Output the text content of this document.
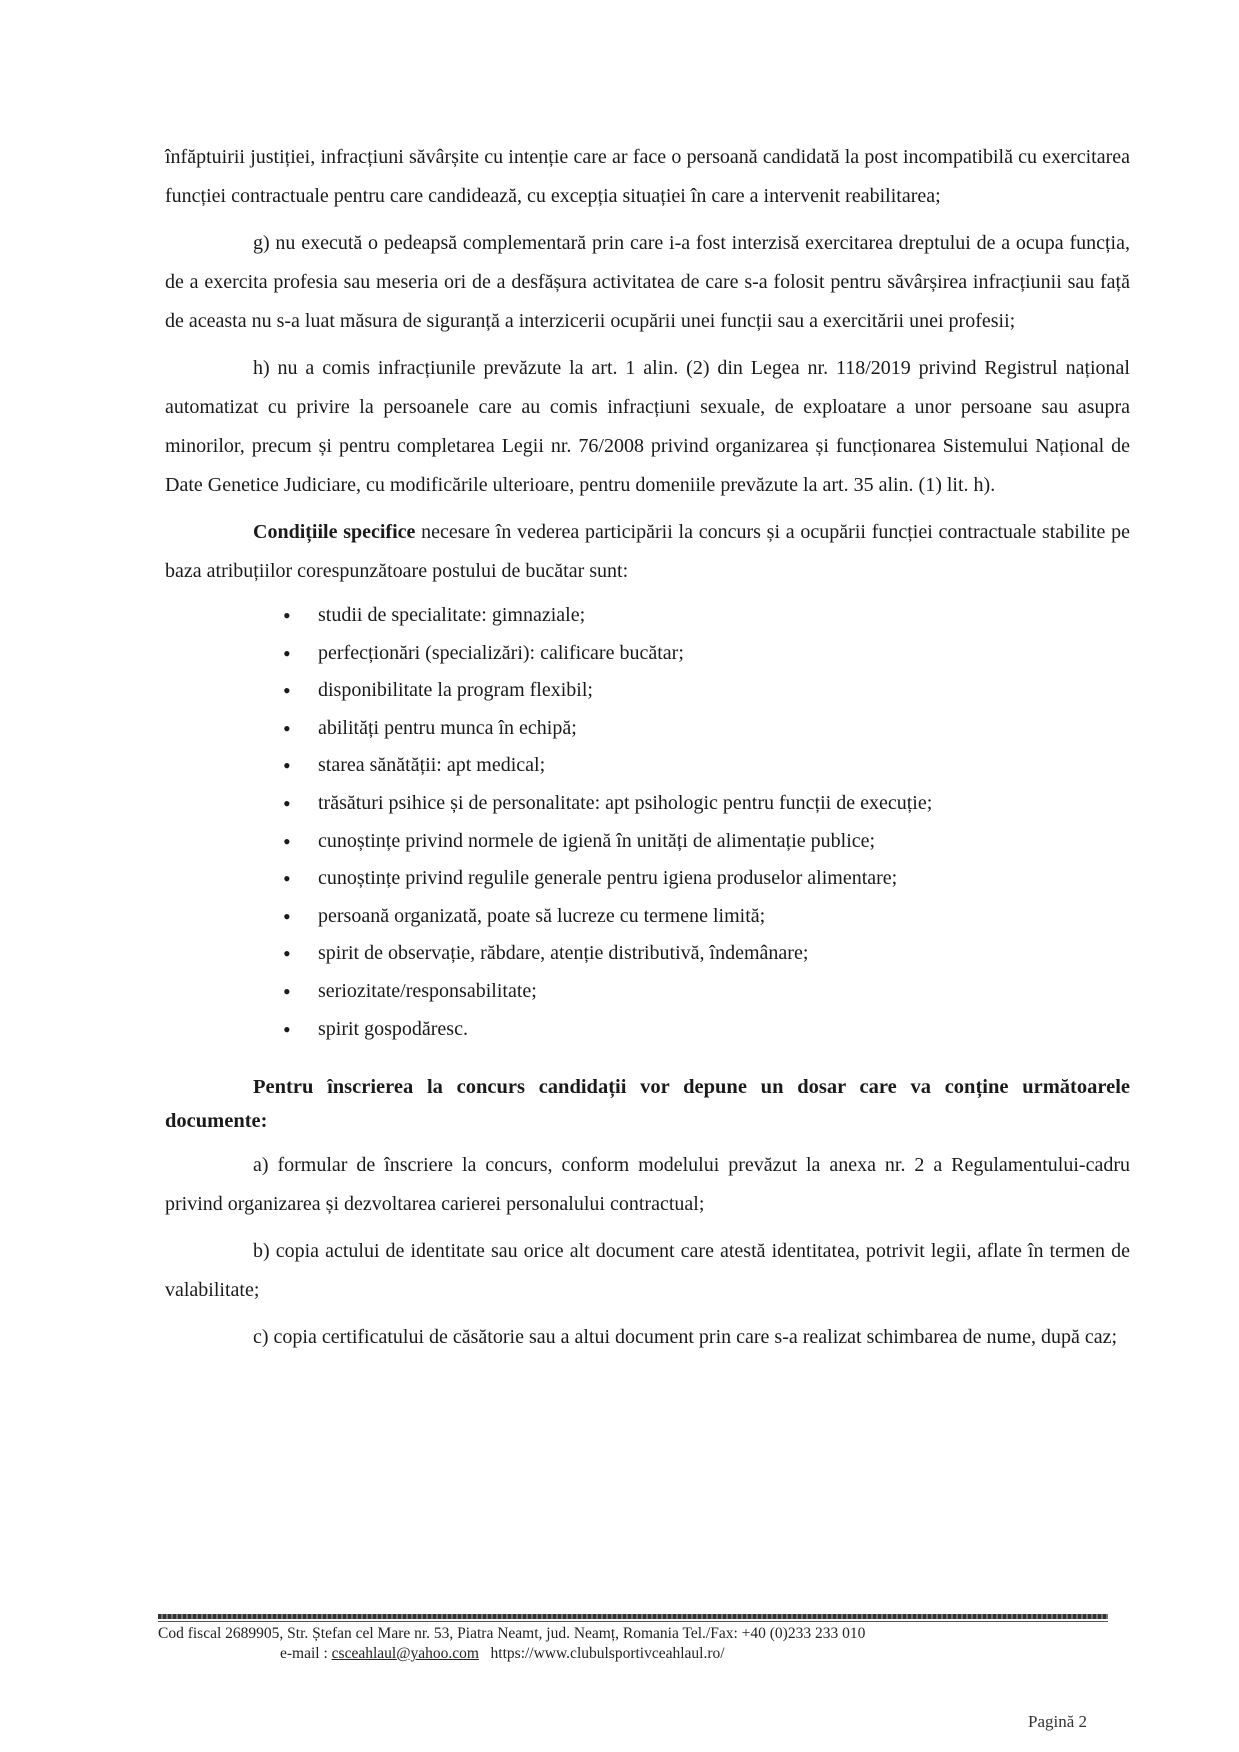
înfăptuirii justiției, infracțiuni săvârșite cu intenție care ar face o persoană candidată la post incompatibilă cu exercitarea funcției contractuale pentru care candidează, cu excepția situației în care a intervenit reabilitarea;

g) nu execută o pedeapsă complementară prin care i-a fost interzisă exercitarea dreptului de a ocupa funcția, de a exercita profesia sau meseria ori de a desfășura activitatea de care s-a folosit pentru săvârșirea infracțiunii sau față de aceasta nu s-a luat măsura de siguranță a interzicerii ocupării unei funcții sau a exercitării unei profesii;

h) nu a comis infracțiunile prevăzute la art. 1 alin. (2) din Legea nr. 118/2019 privind Registrul național automatizat cu privire la persoanele care au comis infracțiuni sexuale, de exploatare a unor persoane sau asupra minorilor, precum și pentru completarea Legii nr. 76/2008 privind organizarea și funcționarea Sistemului Național de Date Genetice Judiciare, cu modificările ulterioare, pentru domeniile prevăzute la art. 35 alin. (1) lit. h).

Condițiile specifice necesare în vederea participării la concurs și a ocupării funcției contractuale stabilite pe baza atribuțiilor corespunzătoare postului de bucătar sunt:

• studii de specialitate: gimnaziale;
• perfecționări (specializări): calificare bucătar;
• disponibilitate la program flexibil;
• abilități pentru munca în echipă;
• starea sănătății: apt medical;
• trăsături psihice și de personalitate: apt psihologic pentru funcții de execuție;
• cunoștințe privind normele de igienă în unități de alimentație publice;
• cunoștințe privind regulile generale pentru igiena produselor alimentare;
• persoană organizată, poate să lucreze cu termene limită;
• spirit de observație, răbdare, atenție distributivă, îndemânare;
• seriozitate/responsabilitate;
• spirit gospodăresc.

Pentru înscrierea la concurs candidații vor depune un dosar care va conține următoarele documente:

a) formular de înscriere la concurs, conform modelului prevăzut la anexa nr. 2 a Regulamentului-cadru privind organizarea și dezvoltarea carierei personalului contractual;

b) copia actului de identitate sau orice alt document care atestă identitatea, potrivit legii, aflate în termen de valabilitate;

c) copia certificatului de căsătorie sau a altui document prin care s-a realizat schimbarea de nume, după caz;

Cod fiscal 2689905, Str. Ștefan cel Mare nr. 53, Piatra Neamt, jud. Neamț, Romania Tel./Fax: +40 (0)233 233 010
e-mail : csceahlaul@yahoo.com https://www.clubulsportivceahlaul.ro/
Pagină 2
